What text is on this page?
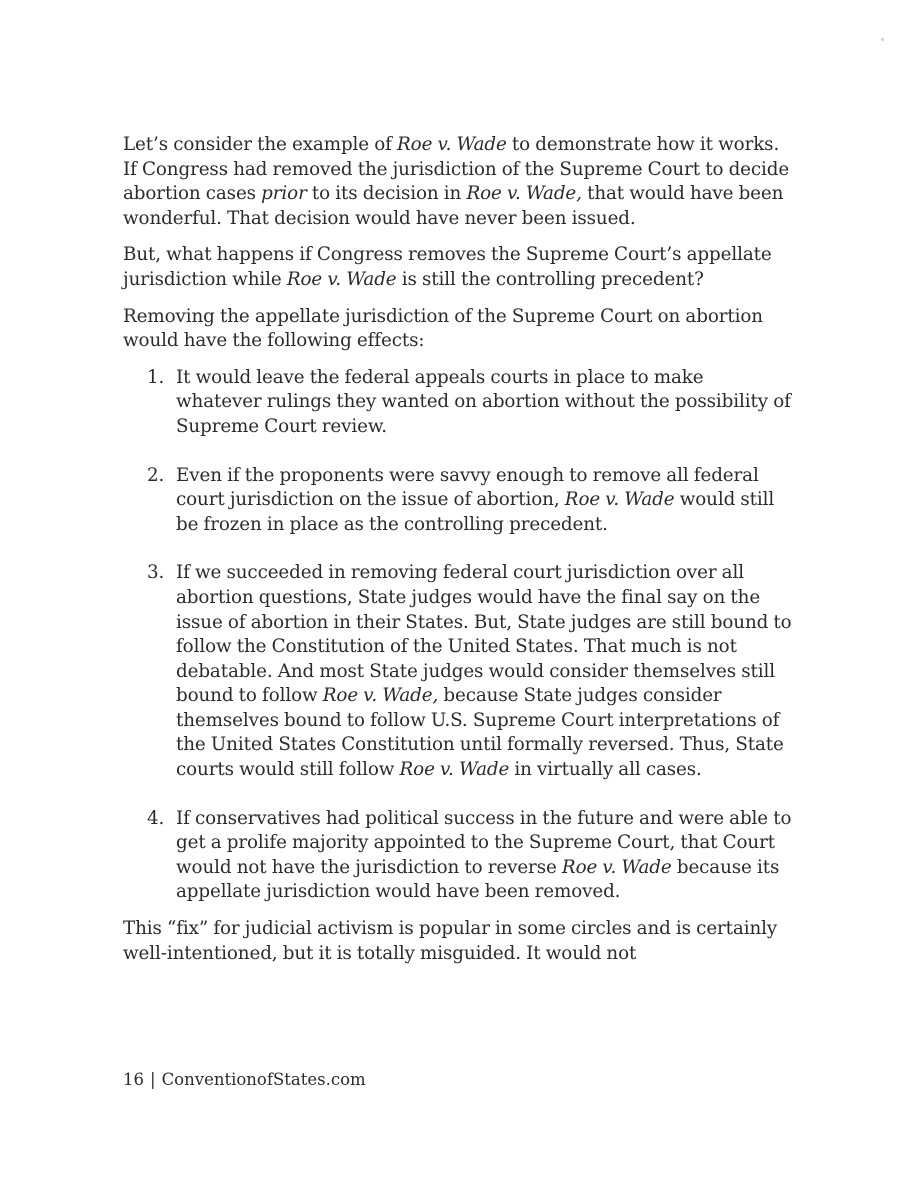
Let’s consider the example of Roe v. Wade to demonstrate how it works. If Congress had removed the jurisdiction of the Supreme Court to decide abortion cases prior to its decision in Roe v. Wade, that would have been wonderful. That decision would have never been issued.

But, what happens if Congress removes the Supreme Court’s appellate jurisdiction while Roe v. Wade is still the controlling precedent?

Removing the appellate jurisdiction of the Supreme Court on abortion would have the following effects:

1. It would leave the federal appeals courts in place to make whatever rulings they wanted on abortion without the possibility of Supreme Court review.
2. Even if the proponents were savvy enough to remove all federal court jurisdiction on the issue of abortion, Roe v. Wade would still be frozen in place as the controlling precedent.
3. If we succeeded in removing federal court jurisdiction over all abortion questions, State judges would have the final say on the issue of abortion in their States. But, State judges are still bound to follow the Constitution of the United States. That much is not debatable. And most State judges would consider themselves still bound to follow Roe v. Wade, because State judges consider themselves bound to follow U.S. Supreme Court interpretations of the United States Constitution until formally reversed. Thus, State courts would still follow Roe v. Wade in virtually all cases.
4. If conservatives had political success in the future and were able to get a prolife majority appointed to the Supreme Court, that Court would not have the jurisdiction to reverse Roe v. Wade because its appellate jurisdiction would have been removed.

This “fix” for judicial activism is popular in some circles and is certainly well-intentioned, but it is totally misguided. It would not

16 | ConventionofStates.com
